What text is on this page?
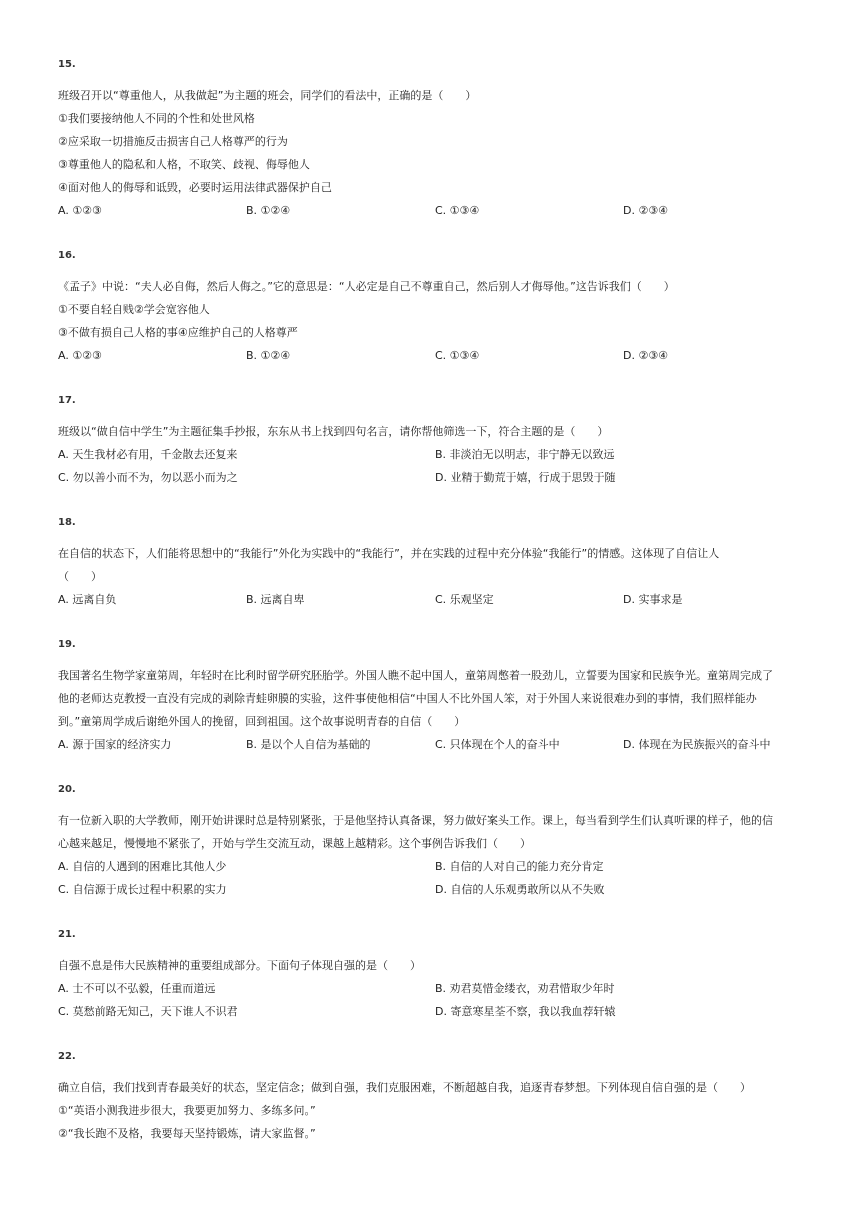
15.
班级召开以“尊重他人，从我做起”为主题的班会，同学们的看法中，正确的是（　　）
①我们要接纳他人不同的个性和处世风格
②应采取一切措施反击损害自己人格尊严的行为
③尊重他人的隐私和人格，不取笑、歧视、侮辱他人
④面对他人的侮辱和诋毁，必要时运用法律武器保护自己
A. ①②③	B. ①②④	C. ①③④	D. ②③④
16.
《孟子》中说：“夫人必自侮，然后人侮之。”它的意思是：“人必定是自己不尊重自己，然后别人才侮辱他。”这告诉我们（　　）
①不要自轻自贱②学会宽容他人
③不做有损自己人格的事④应维护自己的人格尊严
A. ①②③	B. ①②④	C. ①③④	D. ②③④
17.
班级以“做自信中学生”为主题征集手抄报，东东从书上找到四句名言，请你帮他筛选一下，符合主题的是（　　）
A. 天生我材必有用，千金散去还复来	B. 非淡泊无以明志，非宁静无以致远
C. 勿以善小而不为，勿以恶小而为之	D. 业精于勤荒于嬉，行成于思毁于随
18.
在自信的状态下，人们能将思想中的“我能行”外化为实践中的“我能行”，并在实践的过程中充分体验“我能行”的情感。这体现了自信让人
（　　）
A. 远离自负	B. 远离自卑	C. 乐观坚定	D. 实事求是
19.
我国著名生物学家童第周，年轻时在比利时留学研究胚胎学。外国人瞧不起中国人，童第周憋着一股劲儿，立誓要为国家和民族争光。童第周完成了
他的老师达克教授一直没有完成的剥除青蛙卵膜的实验，这件事使他相信“中国人不比外国人笨，对于外国人来说很难办到的事情，我们照样能办
到。”童第周学成后谢绝外国人的挽留，回到祖国。这个故事说明青春的自信（　　）
A. 源于国家的经济实力	B. 是以个人自信为基础的	C. 只体现在个人的奋斗中	D. 体现在为民族振兴的奋斗中
20.
有一位新入职的大学教师，刚开始讲课时总是特别紧张，于是他坚持认真备课，努力做好案头工作。课上，每当看到学生们认真听课的样子，他的信
心越来越足，慢慢地不紧张了，开始与学生交流互动，课越上越精彩。这个事例告诉我们（　　）
A. 自信的人遇到的困难比其他人少	B. 自信的人对自己的能力充分肯定
C. 自信源于成长过程中积累的实力	D. 自信的人乐观勇敢所以从不失败
21.
自强不息是伟大民族精神的重要组成部分。下面句子体现自强的是（　　）
A. 士不可以不弘毅，任重而道远	B. 劝君莫惜金缕衣，劝君惜取少年时
C. 莫愁前路无知己，天下谁人不识君	D. 寄意寒星荃不察，我以我血荐轩辕
22.
确立自信，我们找到青春最美好的状态，坚定信念；做到自强，我们克服困难，不断超越自我，追逐青春梦想。下列体现自信自强的是（　　）
①“英语小测我进步很大，我要更加努力、多练多问。”
②“我长跑不及格，我要每天坚持锻炼，请大家监督。”
